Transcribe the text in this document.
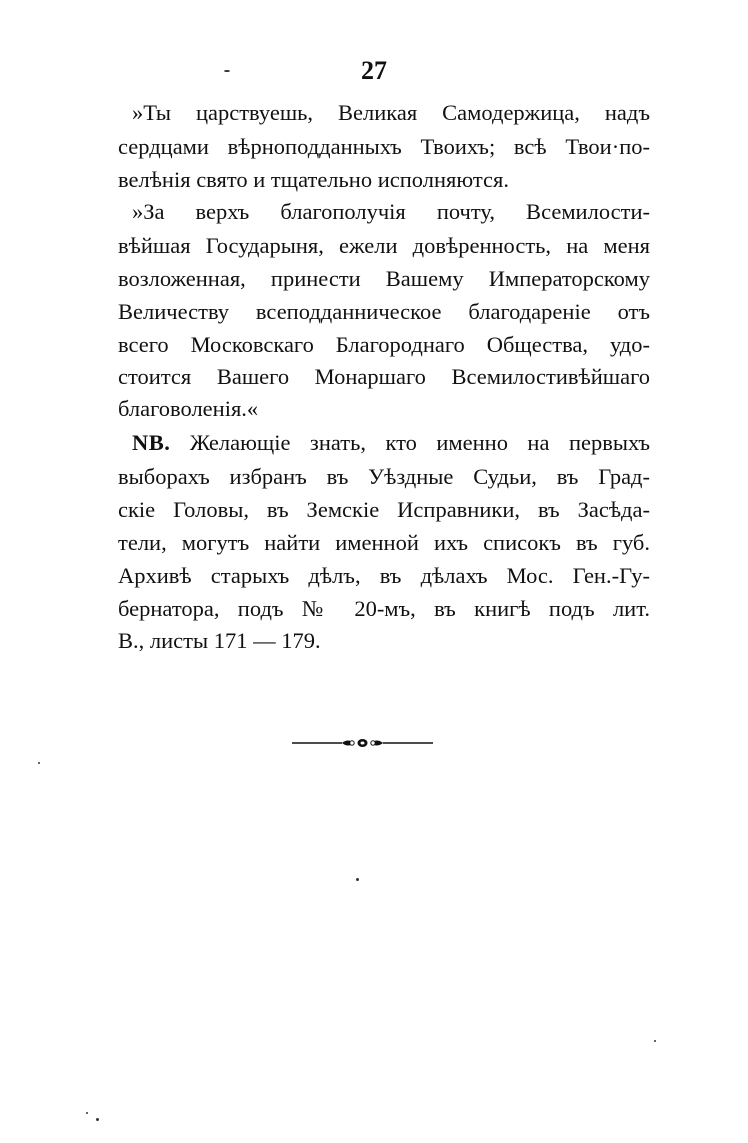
27
»Ты царствуешь, Великая Самодержица, надъ
сердцами вѣрноподданныхъ Твоихъ; всѣ Твои·по-
велѣнія свято и тщательно исполняются.
»За верхъ благополучія почту, Всемилости-
вѣйшая Государыня, ежели довѣренность, на меня
возложенная, принести Вашему Императорскому
Величеству всеподданническое благодареніе отъ
всего Московскаго Благороднаго Общества, удо-
стоится Вашего Монаршаго Всемилостивѣйшаго
благоволенія.«
NB. Желающіе знать, кто именно на первыхъ
выборахъ избранъ въ Уѣздные Судьи, въ Град-
скіе Головы, въ Земскіе Исправники, въ Засѣда-
тели, могутъ найти именной ихъ списокъ въ губ.
Архивѣ старыхъ дѣлъ, въ дѣлахъ Мос. Ген.-Гу-
бернатора, подъ № 20-мъ, въ книгѣ подъ лит.
В., листы 171 — 179.
